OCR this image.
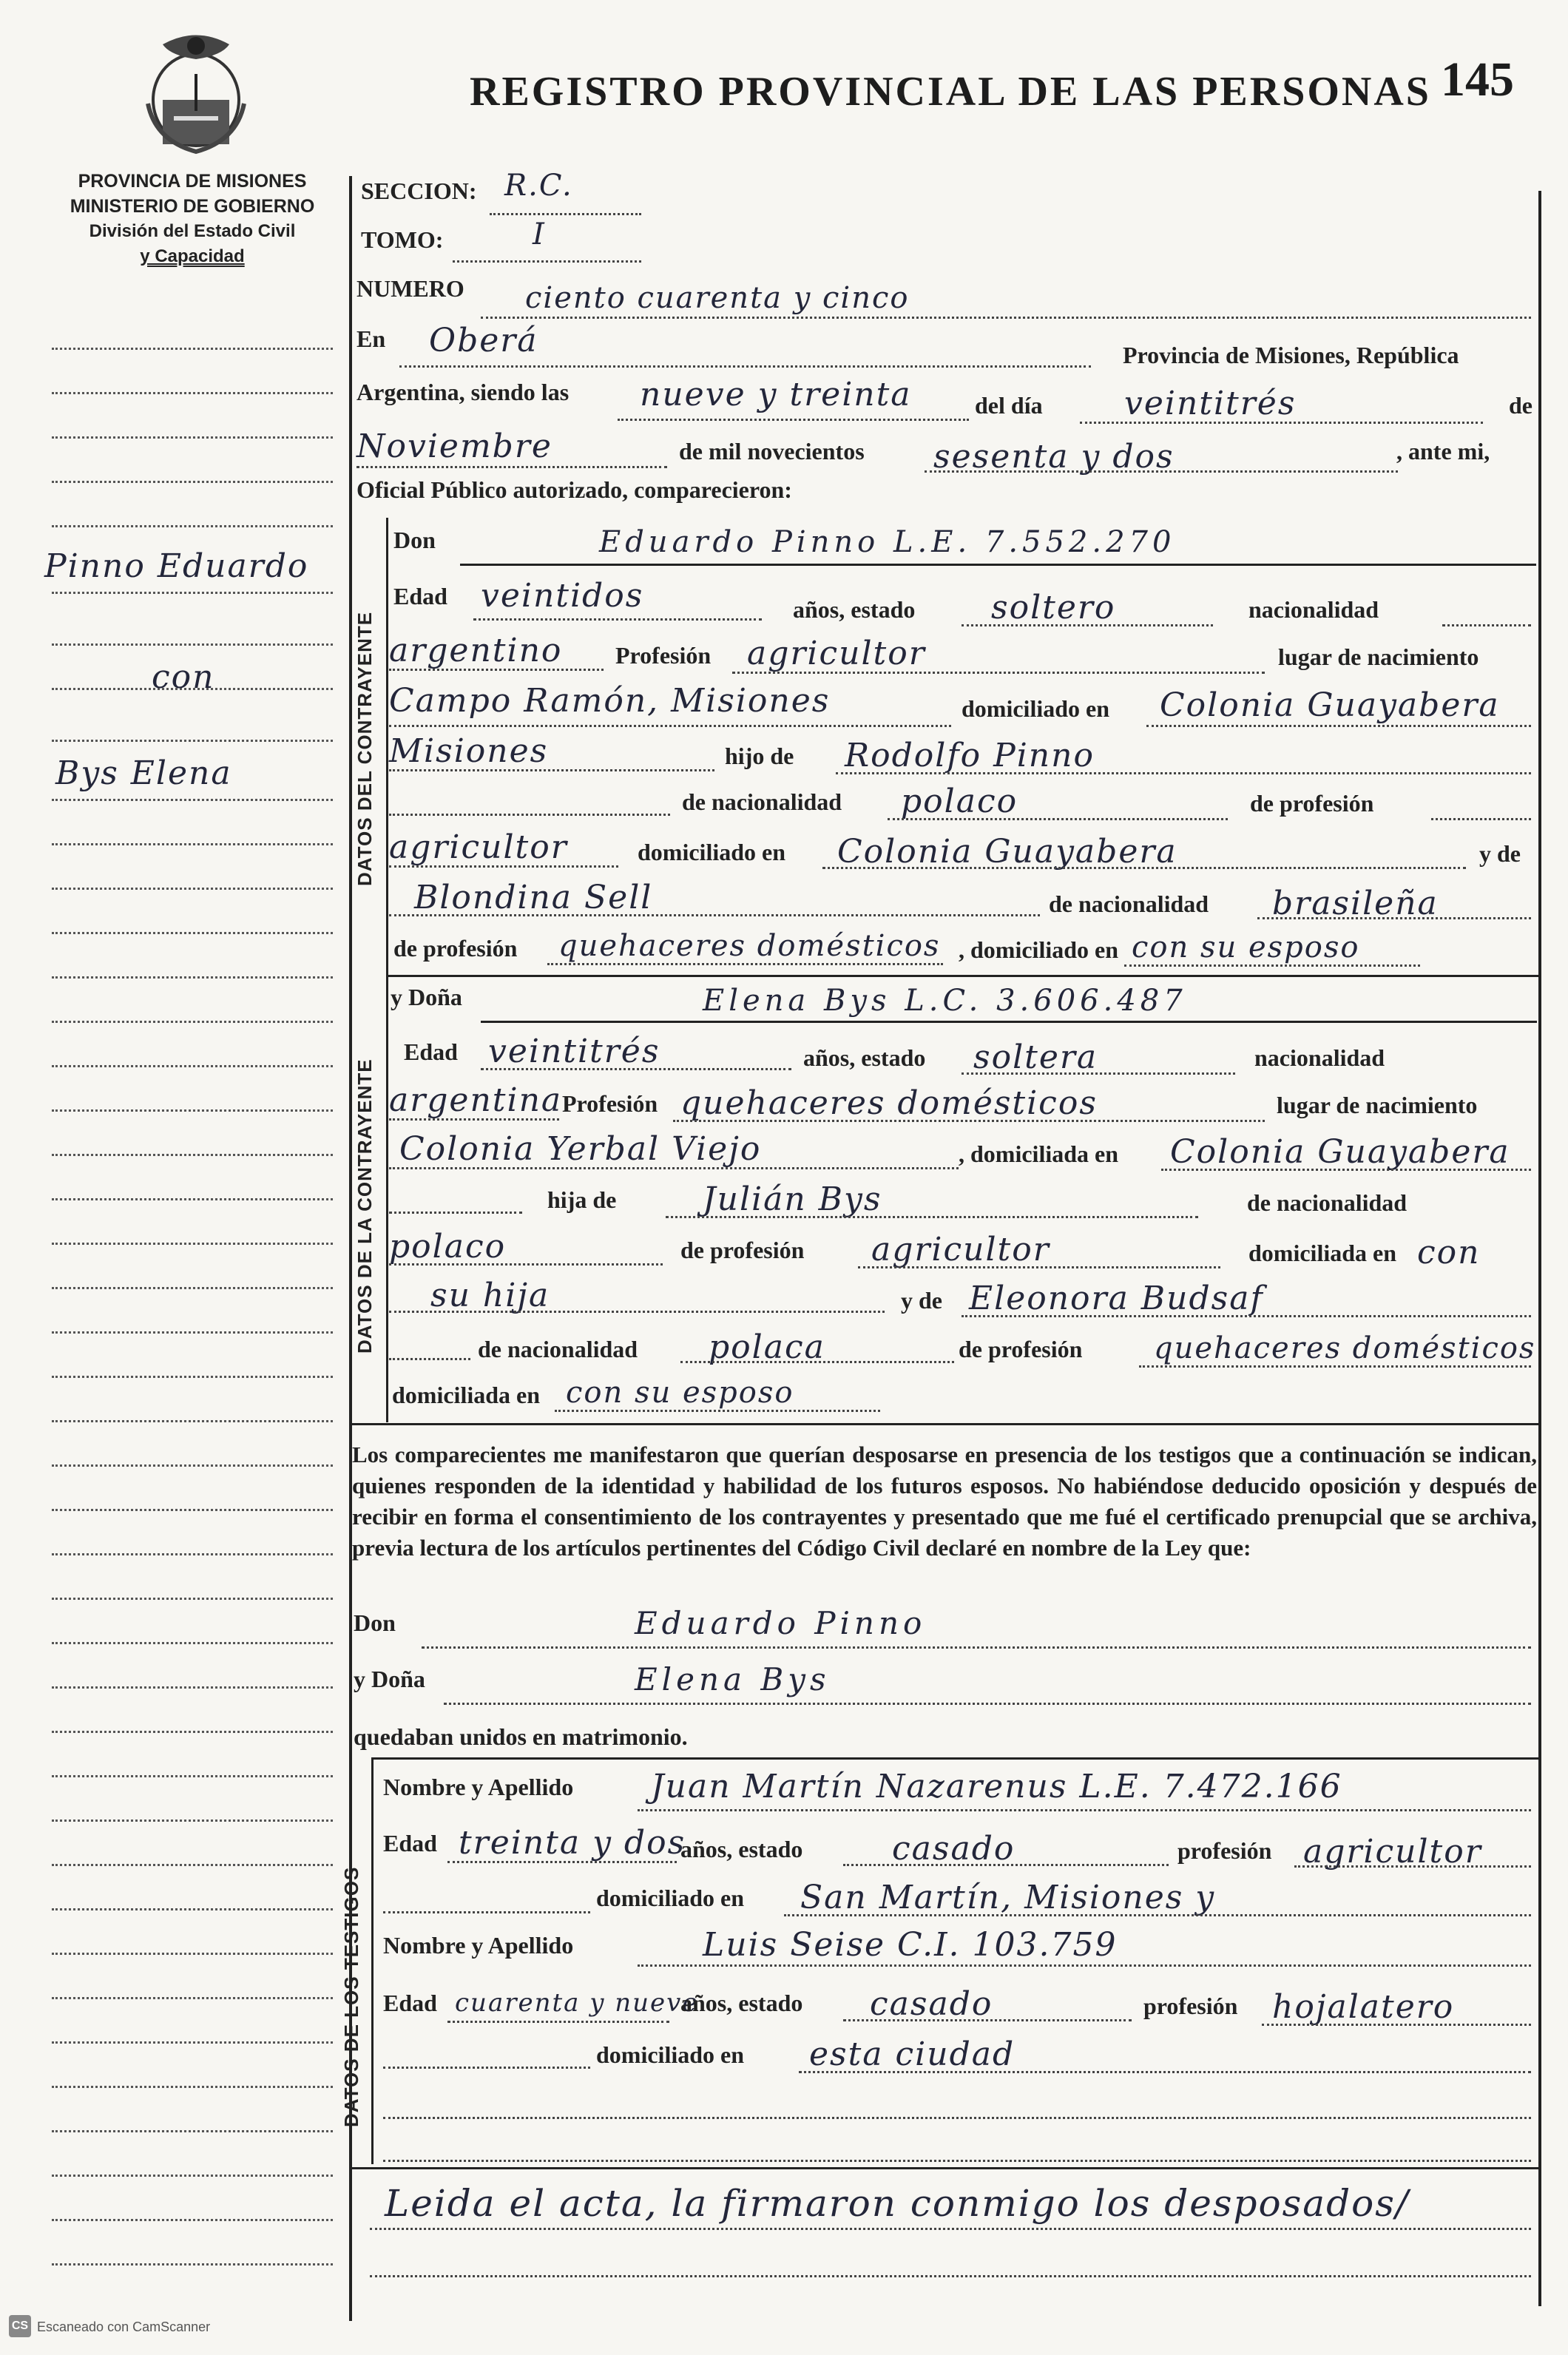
REGISTRO PROVINCIAL DE LAS PERSONAS 145
PROVINCIA DE MISIONES
MINISTERIO DE GOBIERNO
División del Estado Civil
y Capacidad
Pinno Eduardo
con
Bys Elena
SECCION: R.C.
TOMO:	I
NUMERO ciento cuarenta y cinco
En Oberá	Provincia de Misiones, República
Argentina, siendo las nueve y treinta	del día	veintitrés	de
Noviembre	de mil novecientos sesenta y dos	, ante mi,
Oficial Público autorizado, comparecieron:
DATOS DEL CONTRAYENTE
Don	Eduardo Pinno L.E. 7.552.270
Edad veintidos	años, estado soltero	nacionalidad
argentino Profesión agricultor	lugar de nacimiento
Campo Ramón, Misiones	domiciliado en Colonia Guayabera
Misiones	hijo de Rodolfo Pinno
de nacionalidad polaco	de profesión
agricultor	domiciliado en Colonia Guayabera	y de
Blondina Sell	de nacionalidad brasileña
de profesión quehaceres domésticos , domiciliado en con su esposo
DATOS DE LA CONTRAYENTE
y Doña	Elena Bys L.C. 3.606.487
Edad veintitrés	años, estado soltera	nacionalidad
argentina Profesión quehaceres domésticos	lugar de nacimiento
Colonia Yerbal Viejo	, domiciliada en Colonia Guayabera
hija de	Julián Bys	de nacionalidad
polaco	de profesión agricultor	domiciliada en con
su hija	y de Eleonora Budsaf
de nacionalidad polaca	de profesión quehaceres domésticos
domiciliada en con su esposo
Los comparecientes me manifestaron que querían desposarse en presencia de los testigos que a continuación se indican, quienes responden de la identidad y habilidad de los futuros esposos. No habiéndose deducido oposición y después de recibir en forma el consentimiento de los contrayentes y presentado que me fué el certificado prenupcial que se archiva, previa lectura de los artículos pertinentes del Código Civil declaré en nombre de la Ley que:
Don	Eduardo Pinno
y Doña	Elena Bys
quedaban unidos en matrimonio.
DATOS DE LOS TESTIGOS
Nombre y Apellido Juan Martín Nazarenus L.E. 7.472.166
Edad treinta y dos
años, estado	casado	profesión agricultor
domiciliado en San Martín, Misiones y
Nombre y Apellido	Luis Seise C.I. 103.759
Edad cuarenta y nueve
años, estado casado	profesión hojalatero
domiciliado en esta ciudad
Leida el acta, la firmaron conmigo los desposados/
CS Escaneado con CamScanner
